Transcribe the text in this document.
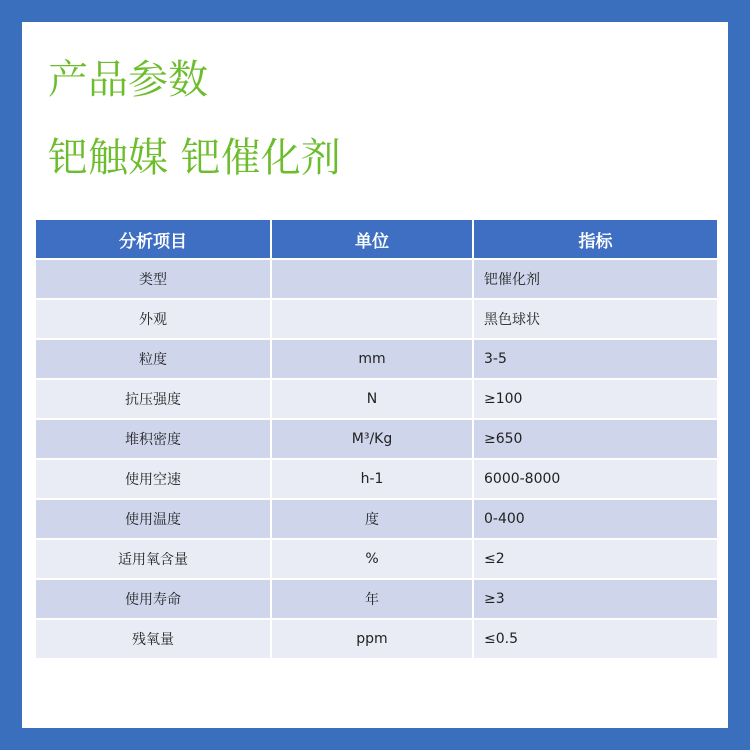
产品参数
钯触媒 钯催化剂
分析项目	单位	指标
类型		钯催化剂
外观		黑色球状
粒度	mm	3-5
抗压强度	N	≥100
堆积密度	M³/Kg	≥650
使用空速	h-1	6000-8000
使用温度	度	0-400
适用氧含量	%	≤2
使用寿命	年	≥3
残氧量	ppm	≤0.5
